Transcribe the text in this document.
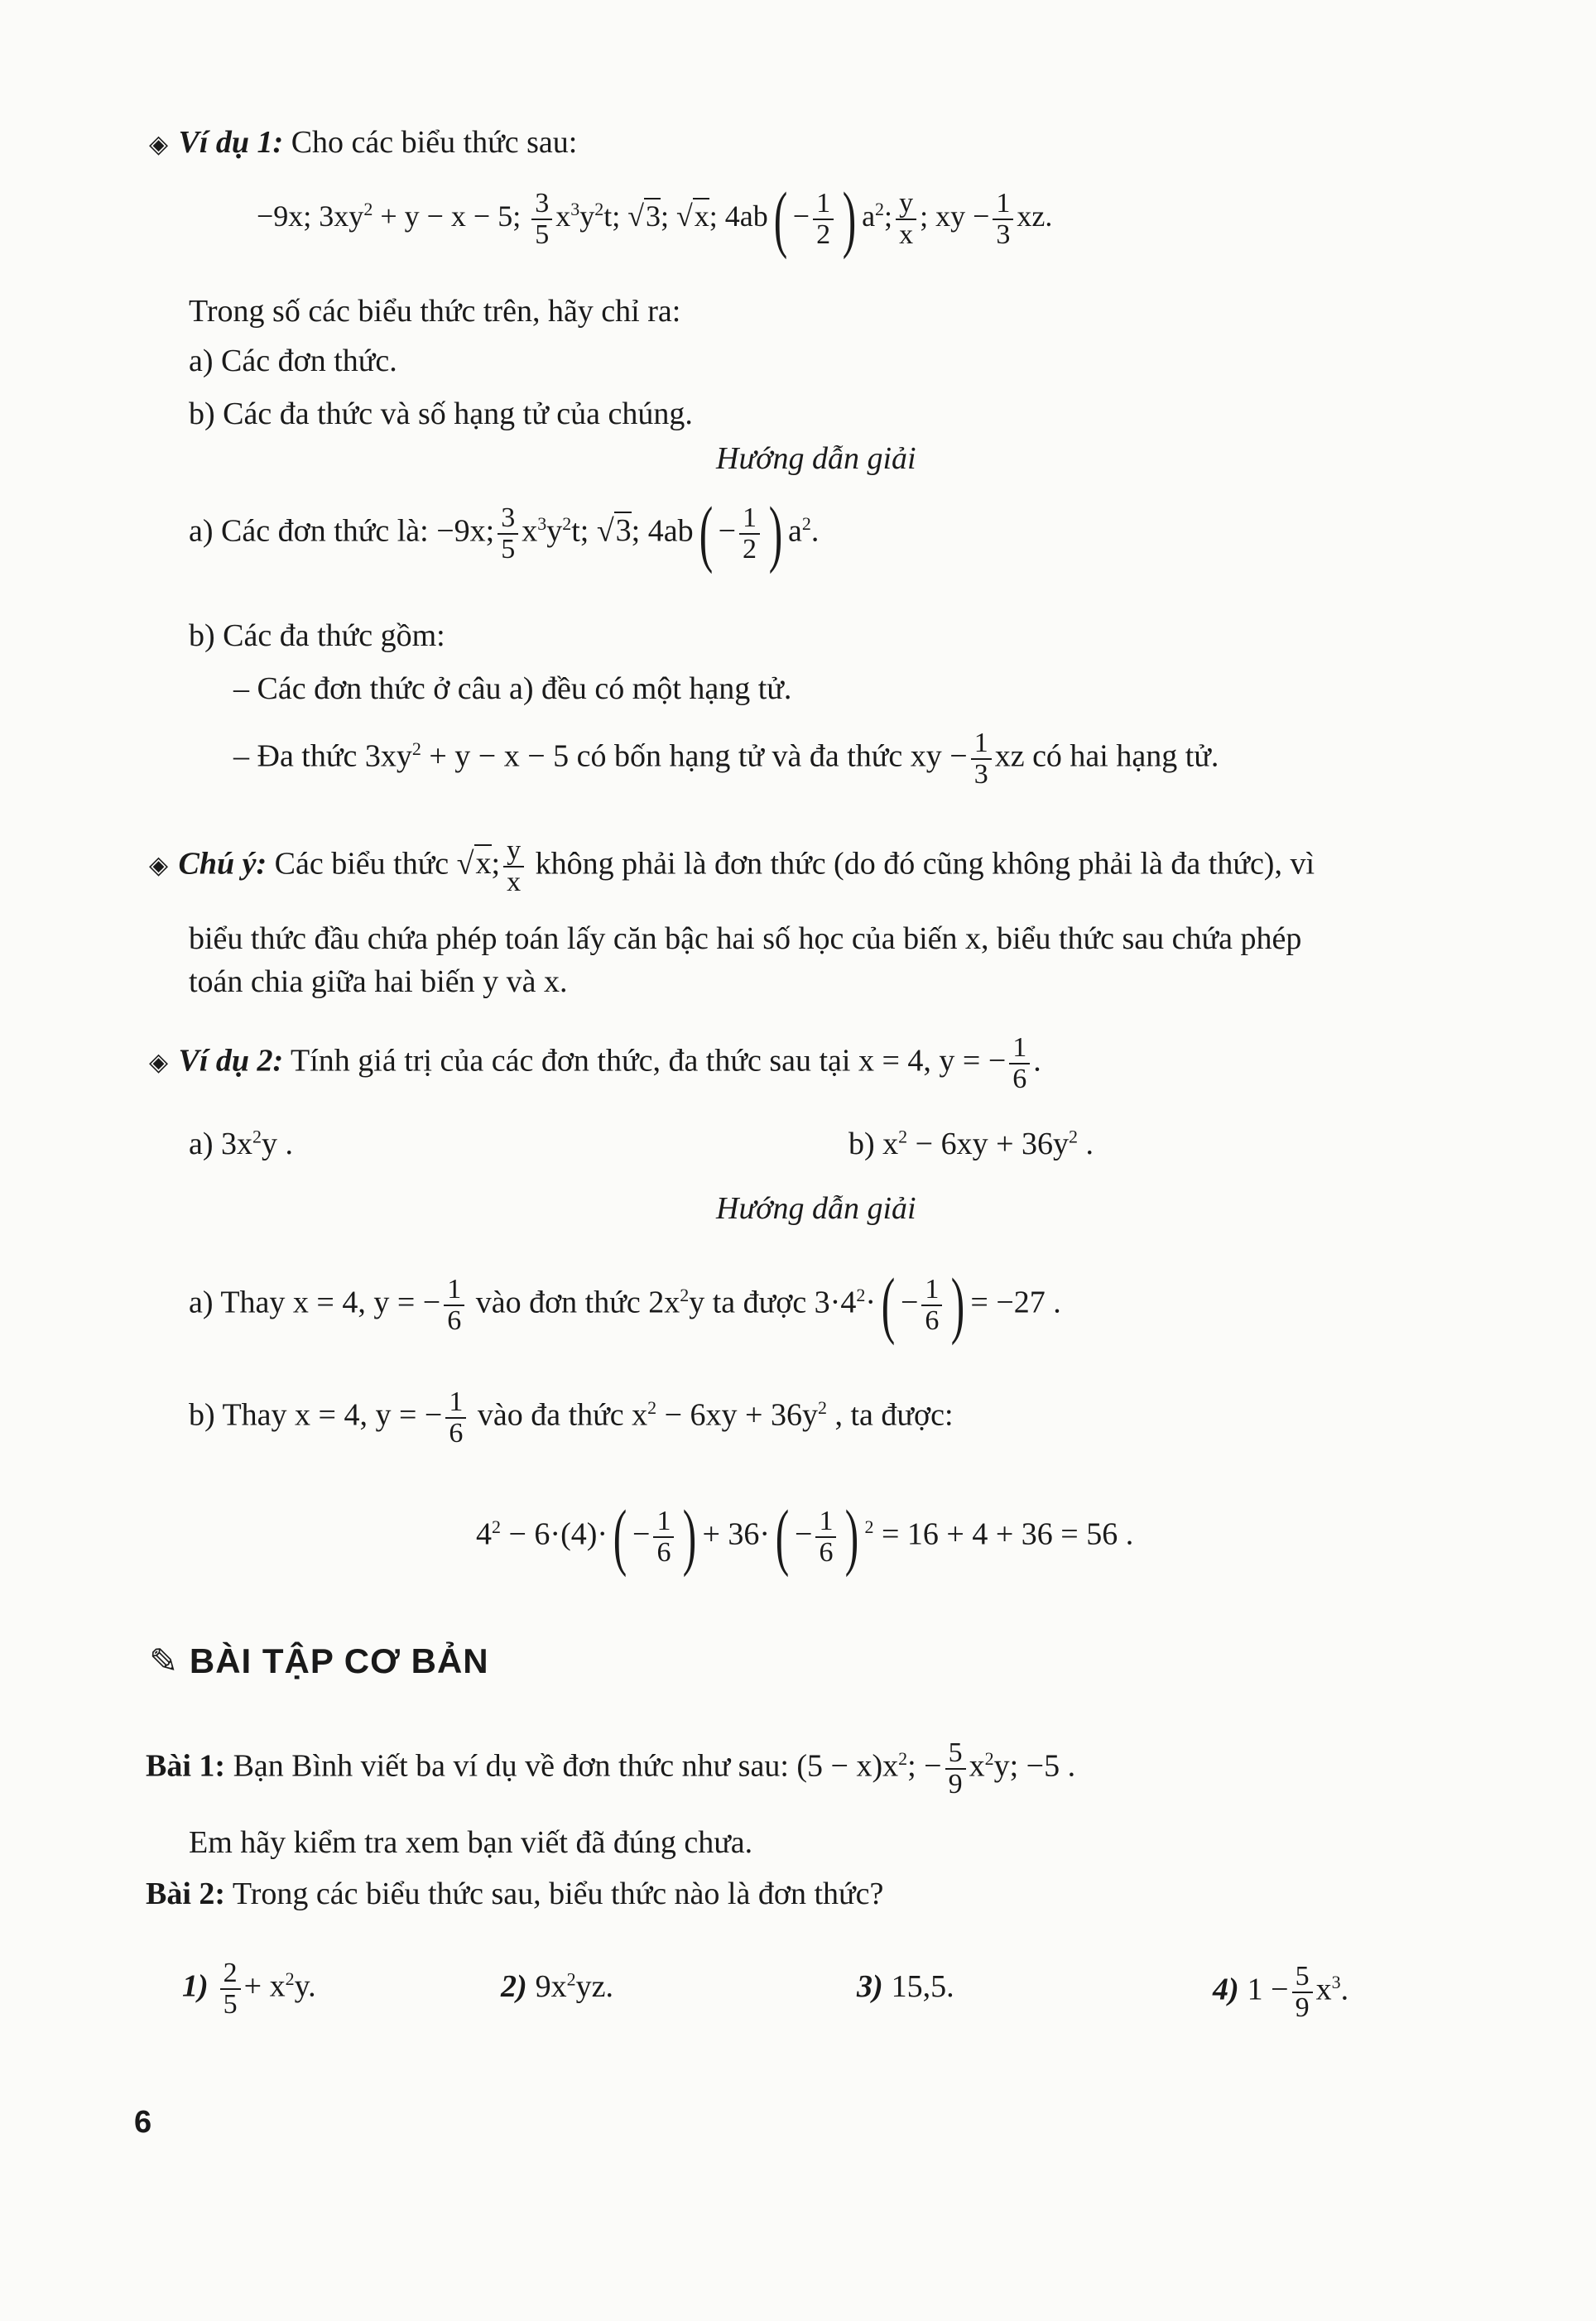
◈ Ví dụ 1: Cho các biểu thức sau:
−9x; $3xy^2 + y - x - 5$; $\frac{3}{5} x^3y^2t$; √3; √x; $4ab( - \frac{1}{2}$ ) $a^2$; $\frac{y}{x}$ ; xy − $\frac{1}{3}$ xz.
Trong số các biểu thức trên, hãy chỉ ra:
a) Các đơn thức.
b) Các đa thức và số hạng tử của chúng.
Hướng dẫn giải
a) Các đơn thức là: −9x; $\frac{3}{5} x^3y^2t$; √3; $4ab( - \frac{1}{2}$ ) $a^2$.
b) Các đa thức gồm:
– Các đơn thức ở câu a) đều có một hạng tử.
– Đa thức $3xy^2 + y - x - 5$ có bốn hạng tử và đa thức xy − $\frac{1}{3}$ xz có hai hạng tử.
◈ Chú ý: Các biểu thức √x; $\frac{y}{x}$ không phải là đơn thức (do đó cũng không phải là đa thức), vì
biểu thức đầu chứa phép toán lấy căn bậc hai số học của biến x, biểu thức sau chứa phép
toán chia giữa hai biến y và x.
◈ Ví dụ 2: Tính giá trị của các đơn thức, đa thức sau tại x = 4, y = − $\frac{1}{6}$ .
a) $3x^2y$ .	b) $x^2 - 6xy + 36y^2$ .
Hướng dẫn giải
a) Thay x = 4, y = − $\frac{1}{6}$ vào đơn thức $2x^2y$ ta được $3\cdot 4^2\cdot( - \frac{1}{6}$ ) = −27 .
b) Thay x = 4, y = − $\frac{1}{6}$ vào đa thức $x^2 - 6xy + 36y^2$ , ta được:
$4^2 - 6\cdot(4)\cdot( - \frac{1}{6}$ ) + $36\cdot( - \frac{1}{6}$ ) $^2$ = 16 + 4 + 36 = 56 .
✎ BÀI TẬP CƠ BẢN
Bài 1: Bạn Bình viết ba ví dụ về đơn thức như sau: $(5 - x)x^2$; − $\frac{5}{9} x^2y$; −5 .
Em hãy kiểm tra xem bạn viết đã đúng chưa.
Bài 2: Trong các biểu thức sau, biểu thức nào là đơn thức?
$1) \frac{2}{5} + x^2y$.	2) $9x^2yz$.	3) 15,5.	4) $1 - \frac{5}{9} x^3$.
6
